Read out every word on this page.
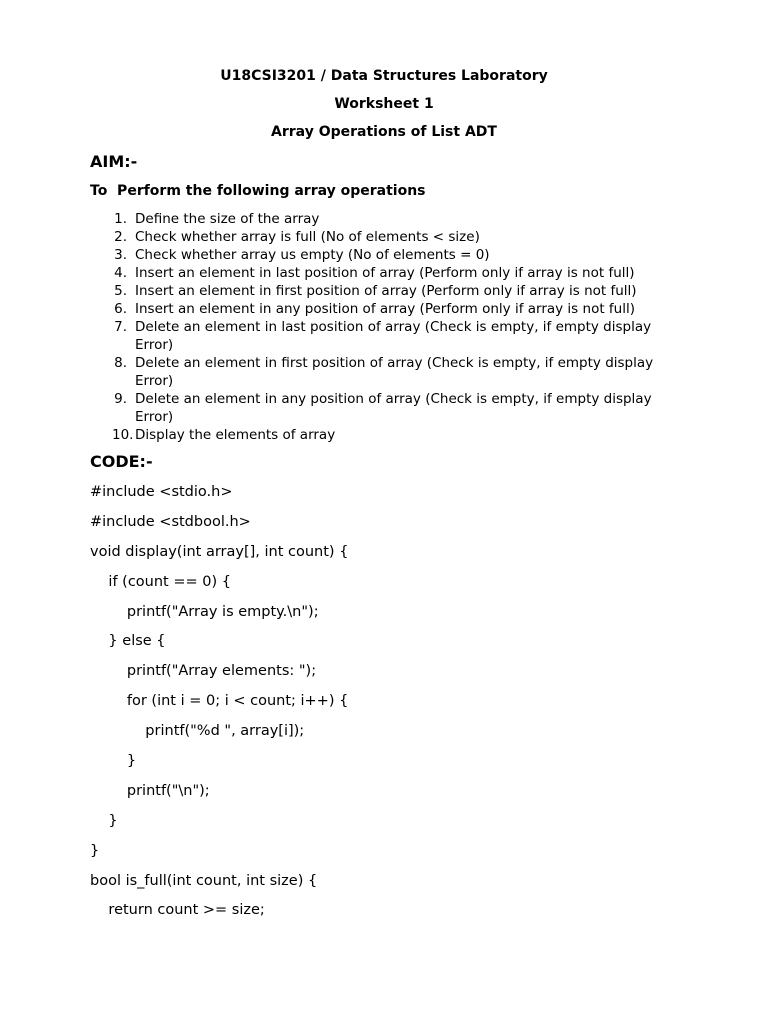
U18CSI3201 / Data Structures Laboratory
Worksheet 1
Array Operations of List ADT
AIM:-
To  Perform the following array operations
1. Define the size of the array
2. Check whether array is full (No of elements < size)
3. Check whether array us empty (No of elements = 0)
4. Insert an element in last position of array (Perform only if array is not full)
5. Insert an element in first position of array (Perform only if array is not full)
6. Insert an element in any position of array (Perform only if array is not full)
7. Delete an element in last position of array (Check is empty, if empty display Error)
8. Delete an element in first position of array (Check is empty, if empty display Error)
9. Delete an element in any position of array (Check is empty, if empty display Error)
10. Display the elements of array
CODE:-
#include <stdio.h>
#include <stdbool.h>
void display(int array[], int count) {
if (count == 0) {
printf("Array is empty.\n");
} else {
printf("Array elements: ");
for (int i = 0; i < count; i++) {
printf("%d ", array[i]);
}
printf("\n");
}
}
bool is_full(int count, int size) {
return count >= size;
